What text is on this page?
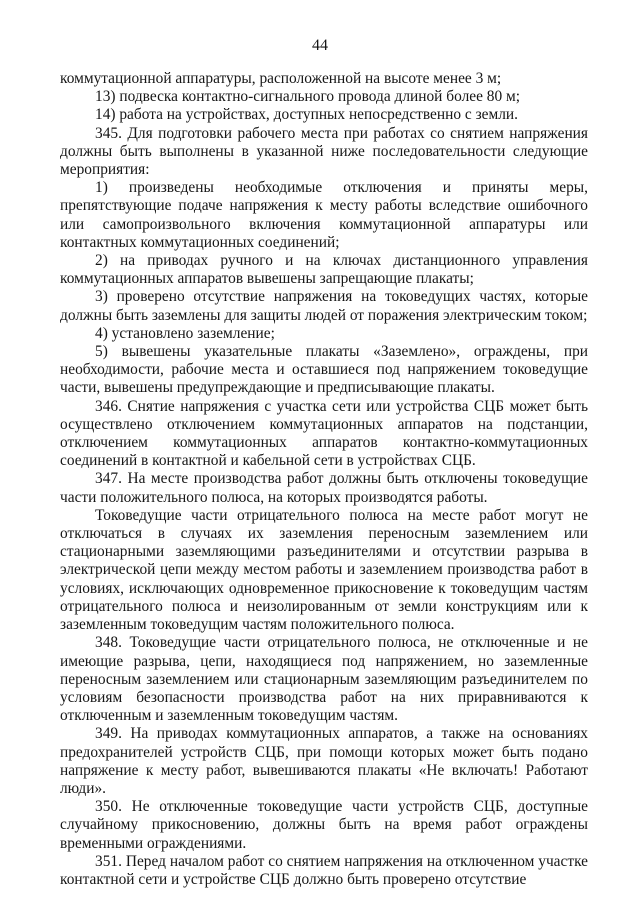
44

коммутационной аппаратуры, расположенной на высоте менее 3 м;

13) подвеска контактно-сигнального провода длиной более 80 м;

14) работа на устройствах, доступных непосредственно с земли.

345. Для подготовки рабочего места при работах со снятием напряжения должны быть выполнены в указанной ниже последовательности следующие мероприятия:

1) произведены необходимые отключения и приняты меры, препятствующие подаче напряжения к месту работы вследствие ошибочного или самопроизвольного включения коммутационной аппаратуры или контактных коммутационных соединений;

2) на приводах ручного и на ключах дистанционного управления коммутационных аппаратов вывешены запрещающие плакаты;

3) проверено отсутствие напряжения на токоведущих частях, которые должны быть заземлены для защиты людей от поражения электрическим током;

4) установлено заземление;

5) вывешены указательные плакаты «Заземлено», ограждены, при необходимости, рабочие места и оставшиеся под напряжением токоведущие части, вывешены предупреждающие и предписывающие плакаты.

346. Снятие напряжения с участка сети или устройства СЦБ может быть осуществлено отключением коммутационных аппаратов на подстанции, отключением коммутационных аппаратов контактно-коммутационных соединений в контактной и кабельной сети в устройствах СЦБ.

347. На месте производства работ должны быть отключены токоведущие части положительного полюса, на которых производятся работы.

Токоведущие части отрицательного полюса на месте работ могут не отключаться в случаях их заземления переносным заземлением или стационарными заземляющими разъединителями и отсутствии разрыва в электрической цепи между местом работы и заземлением производства работ в условиях, исключающих одновременное прикосновение к токоведущим частям отрицательного полюса и неизолированным от земли конструкциям или к заземленным токоведущим частям положительного полюса.

348. Токоведущие части отрицательного полюса, не отключенные и не имеющие разрыва, цепи, находящиеся под напряжением, но заземленные переносным заземлением или стационарным заземляющим разъединителем по условиям безопасности производства работ на них приравниваются к отключенным и заземленным токоведущим частям.

349. На приводах коммутационных аппаратов, а также на основаниях предохранителей устройств СЦБ, при помощи которых может быть подано напряжение к месту работ, вывешиваются плакаты «Не включать! Работают люди».

350. Не отключенные токоведущие части устройств СЦБ, доступные случайному прикосновению, должны быть на время работ ограждены временными ограждениями.

351. Перед началом работ со снятием напряжения на отключенном участке контактной сети и устройстве СЦБ должно быть проверено отсутствие
